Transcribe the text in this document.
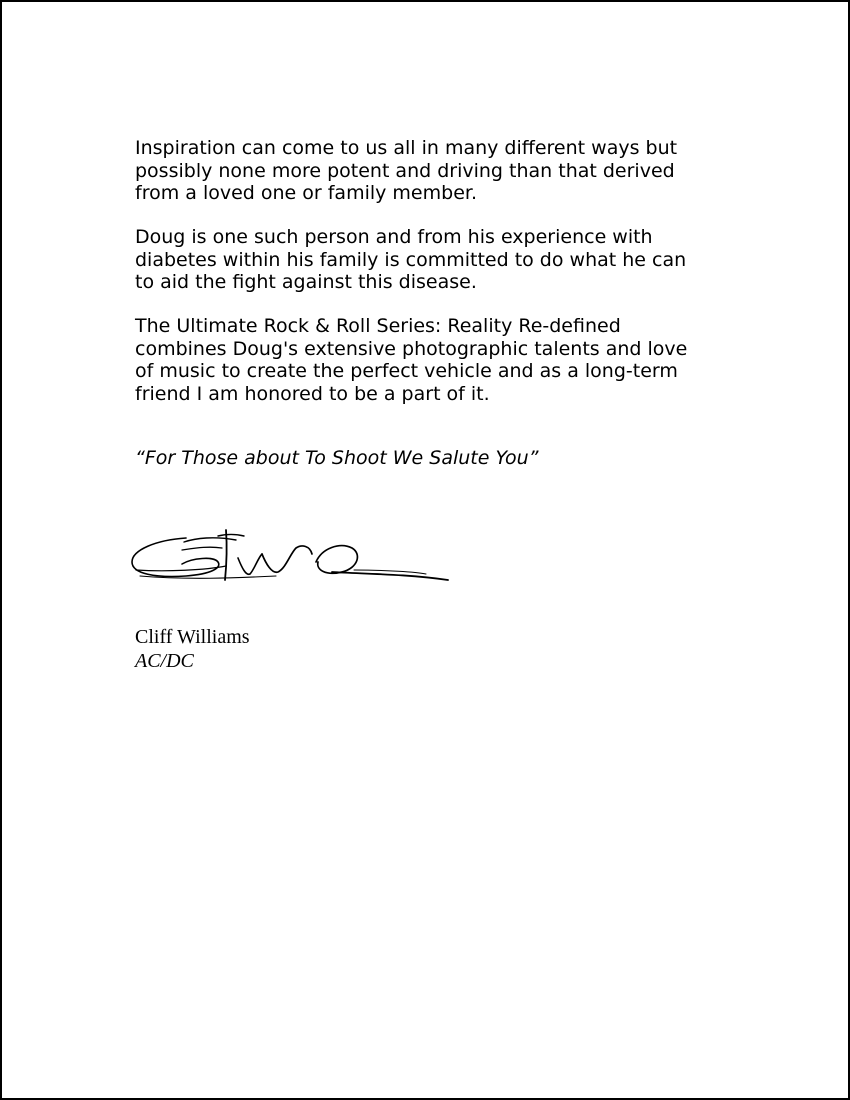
Inspiration can come to us all in many different ways but
possibly none more potent and driving than that derived
from a loved one or family member.
Doug is one such person and from his experience with
diabetes within his family is committed to do what he can
to aid the fight against this disease.
The Ultimate Rock & Roll Series: Reality Re-defined
combines Doug's extensive photographic talents and love
of music to create the perfect vehicle and as a long-term
friend I am honored to be a part of it.

“For Those about To Shoot We Salute You”

Cliff Williams

AC/DC
